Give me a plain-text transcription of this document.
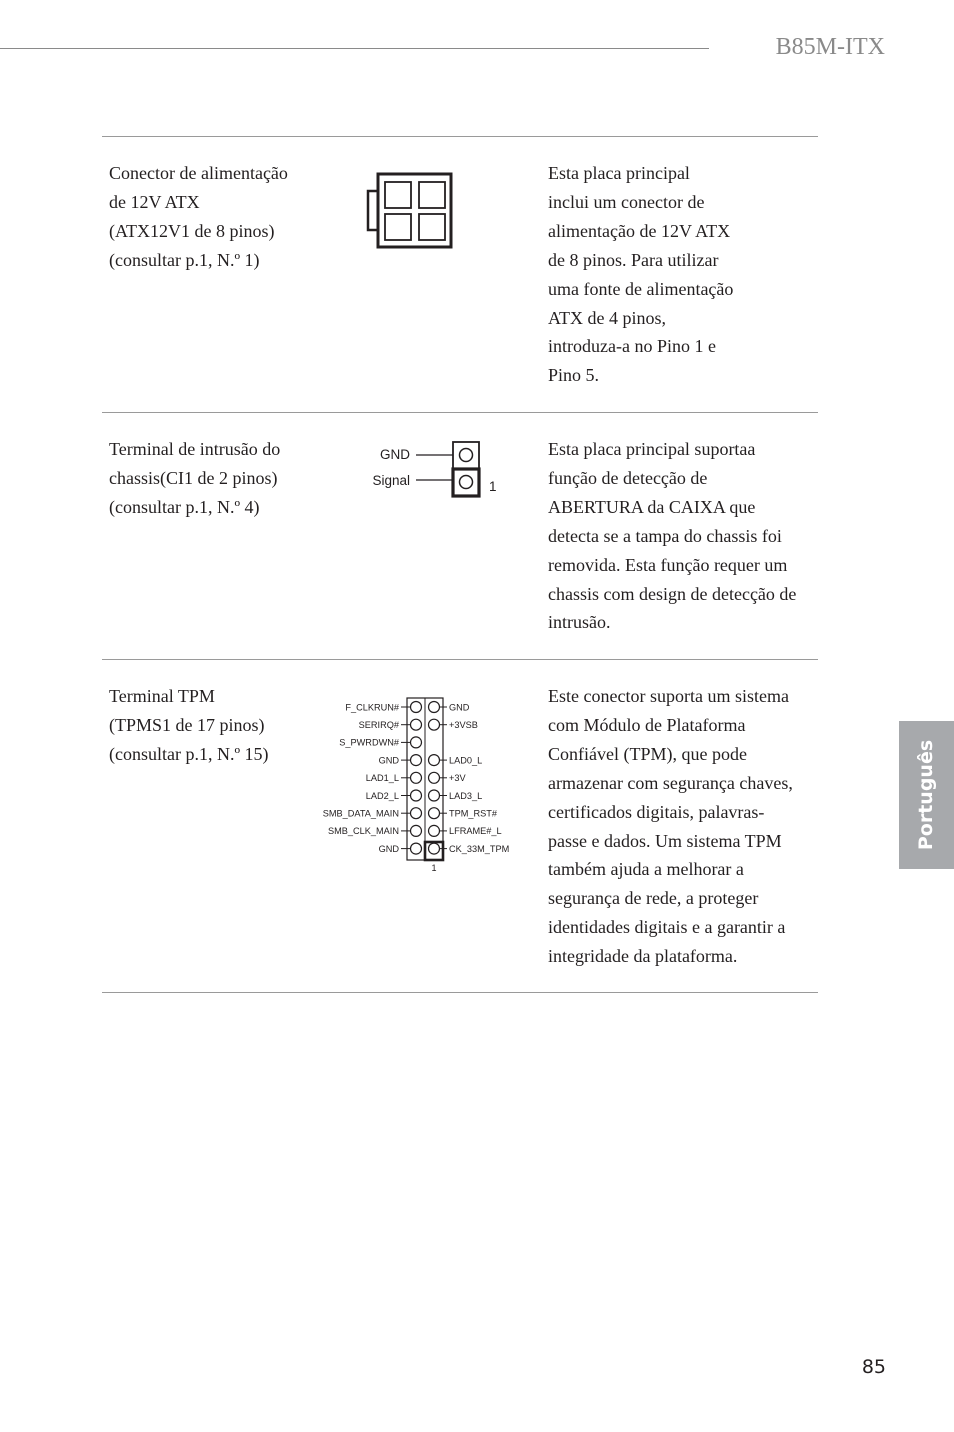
B85M-ITX
Conector de alimentação
de 12V ATX
(ATX12V1 de 8 pinos)
(consultar p.1, N.º 1)
Esta placa principal
inclui um conector de
alimentação de 12V ATX
de 8 pinos. Para utilizar
uma fonte de alimentação
ATX de 4 pinos,
introduza-a no Pino 1 e
Pino 5.
Terminal de intrusão do
chassis(CI1 de 2 pinos)
(consultar p.1, N.º 4)
GND
Signal	1
Esta placa principal suportaa
função de detecção de
ABERTURA da CAIXA que
detecta se a tampa do chassis foi
removida. Esta função requer um
chassis com design de detecção de
intrusão.
Terminal TPM
(TPMS1 de 17 pinos)
(consultar p.1, N.º 15)
F_CLKRUN#
SERIRQ#
S_PWRDWN#
GND
LAD1_L
LAD2_L
SMB_DATA_MAIN
SMB_CLK_MAIN
GND
GND
+3VSB
LAD0_L
+3V
LAD3_L
TPM_RST#
LFRAME#_L
CK_33M_TPM
1
Este conector suporta um sistema
com Módulo de Plataforma
Confiável (TPM), que pode
armazenar com segurança chaves,
certificados digitais, palavras-
passe e dados. Um sistema TPM
também ajuda a melhorar a
segurança de rede, a proteger
identidades digitais e a garantir a
integridade da plataforma.
Português
85
